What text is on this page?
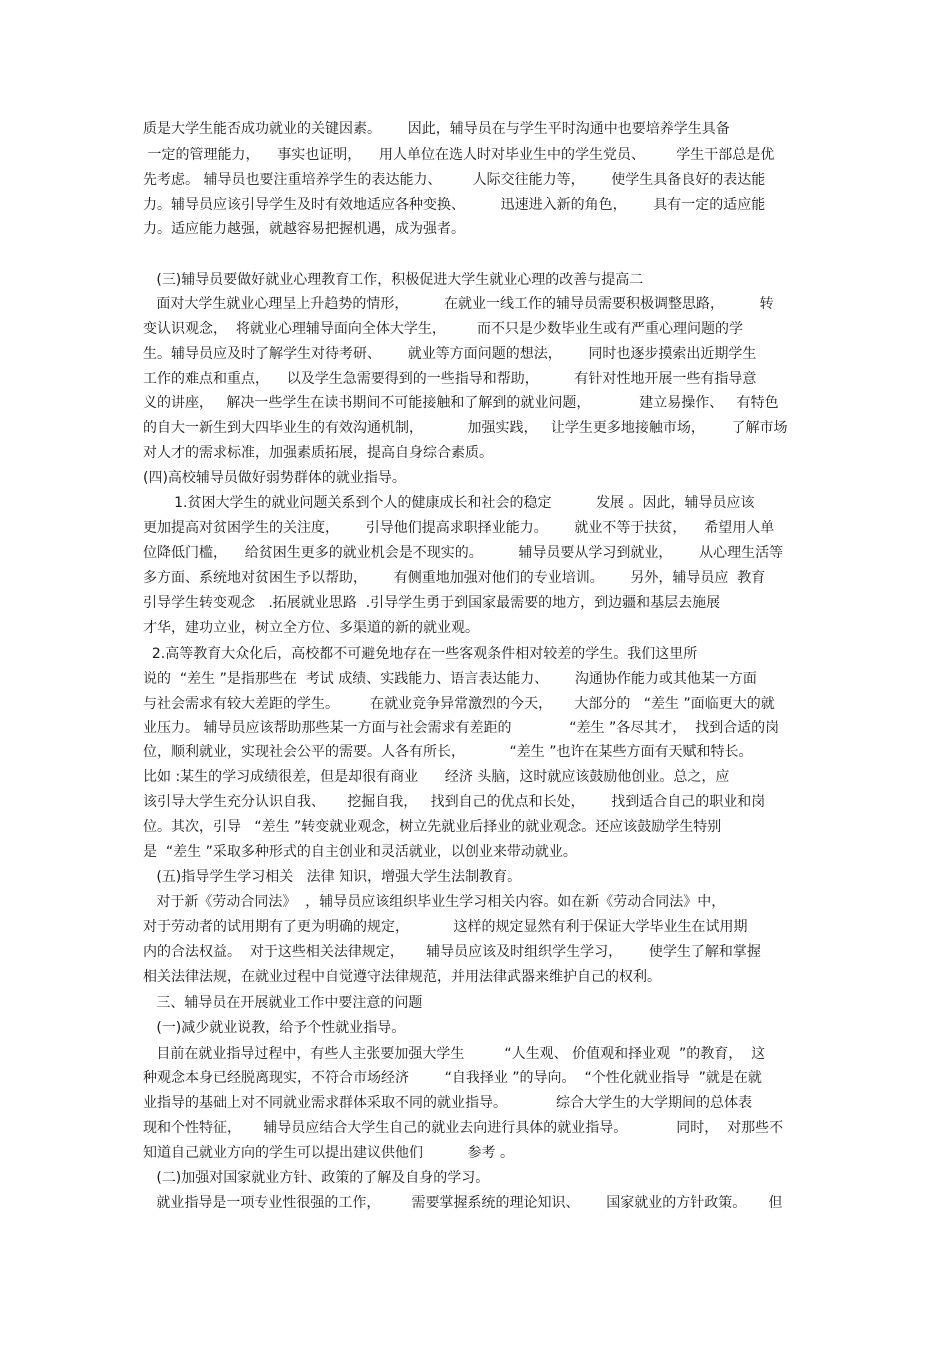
质是大学生能否成功就业的关键因素。      因此，辅导员在与学生平时沟通中也要培养学生具备
一定的管理能力，    事实也证明，    用人单位在选人时对毕业生中的学生党员、       学生干部总是优
先考虑。 辅导员也要注重培养学生的表达能力、       人际交往能力等，      使学生具备良好的表达能
力。辅导员应该引导学生及时有效地适应各种变换、        迅速进入新的角色，      具有一定的适应能
力。适应能力越强，就越容易把握机遇，成为强者。
(三)辅导员要做好就业心理教育工作，积极促进大学生就业心理的改善与提高二
面对大学生就业心理呈上升趋势的情形，        在就业一线工作的辅导员需要积极调整思路，        转
变认识观念，  将就业心理辅导面向全体大学生，       而不只是少数毕业生或有严重心理问题的学
生。辅导员应及时了解学生对待考研、      就业等方面问题的想法，      同时也逐步摸索出近期学生
工作的难点和重点，    以及学生急需要得到的一些指导和帮助，        有针对性地开展一些有指导意
义的讲座，   解决一些学生在读书期间不可能接触和了解到的就业问题，           建立易操作、   有特色
的自大一新生到大四毕业生的有效沟通机制，          加强实践，   让学生更多地接触市场，      了解市场
对人才的需求标准，加强素质拓展，提高自身综合素质。
(四)高校辅导员做好弱势群体的就业指导。
1.贫困大学生的就业问题关系到个人的健康成长和社会的稳定          发展 。因此，辅导员应该
更加提高对贫困学生的关注度，      引导他们提高求职择业能力。      就业不等于扶贫，    希望用人单
位降低门槛，    给贫困生更多的就业机会是不现实的。        辅导员要从学习到就业，      从心理生活等
多方面、系统地对贫困生予以帮助，      有侧重地加强对他们的专业培训。      另外，辅导员应  教育
引导学生转变观念   .拓展就业思路  .引导学生勇于到国家最需要的地方，到边疆和基层去施展
才华，建功立业，树立全方位、多渠道的新的就业观。
2.高等教育大众化后，高校都不可避免地存在一些客观条件相对较差的学生。我们这里所
说的  “差生 ”是指那些在  考试 成绩、实践能力、语言表达能力、      沟通协作能力或其他某一方面
与社会需求有较大差距的学生。       在就业竞争异常激烈的今天，     大部分的   “差生 ”面临更大的就
业压力。 辅导员应该帮助那些某一方面与社会需求有差距的             “差生 ”各尽其才，  找到合适的岗
位，顺利就业，实现社会公平的需要。人各有所长，          “差生 ”也许在某些方面有天赋和特长。
比如 :某生的学习成绩很差，但是却很有商业      经济 头脑，这时就应该鼓励他创业。总之，应
该引导大学生充分认识自我、     挖掘自我，   找到自己的优点和长处，      找到适合自己的职业和岗
位。其次，引导   “差生 ”转变就业观念，树立先就业后择业的就业观念。还应该鼓励学生特别
是  “差生 ”采取多种形式的自主创业和灵活就业，以创业来带动就业。
(五)指导学生学习相关   法律 知识，增强大学生法制教育。
对于新《劳动合同法》  ，辅导员应该组织毕业生学习相关内容。如在新《劳动合同法》中，
对于劳动者的试用期有了更为明确的规定，          这样的规定显然有利于保证大学毕业生在试用期
内的合法权益。  对于这些相关法律规定，     辅导员应该及时组织学生学习，      使学生了解和掌握
相关法律法规，在就业过程中自觉遵守法律规范，并用法律武器来维护自己的权利。
三、辅导员在开展就业工作中要注意的问题
(一)减少就业说教，给予个性就业指导。
目前在就业指导过程中，有些人主张要加强大学生         “人生观、 价值观和择业观  ”的教育，  这
种观念本身已经脱离现实，不符合市场经济        “自我择业 ”的导向。  “个性化就业指导  ”就是在就
业指导的基础上对不同就业需求群体采取不同的就业指导。           综合大学生的大学期间的总体表
现和个性特征，     辅导员应结合大学生自己的就业去向进行具体的就业指导。           同时，  对那些不
知道自己就业方向的学生可以提出建议供他们          参考 。
(二)加强对国家就业方针、政策的了解及自身的学习。
就业指导是一项专业性很强的工作，       需要掌握系统的理论知识、      国家就业的方针政策。     但
